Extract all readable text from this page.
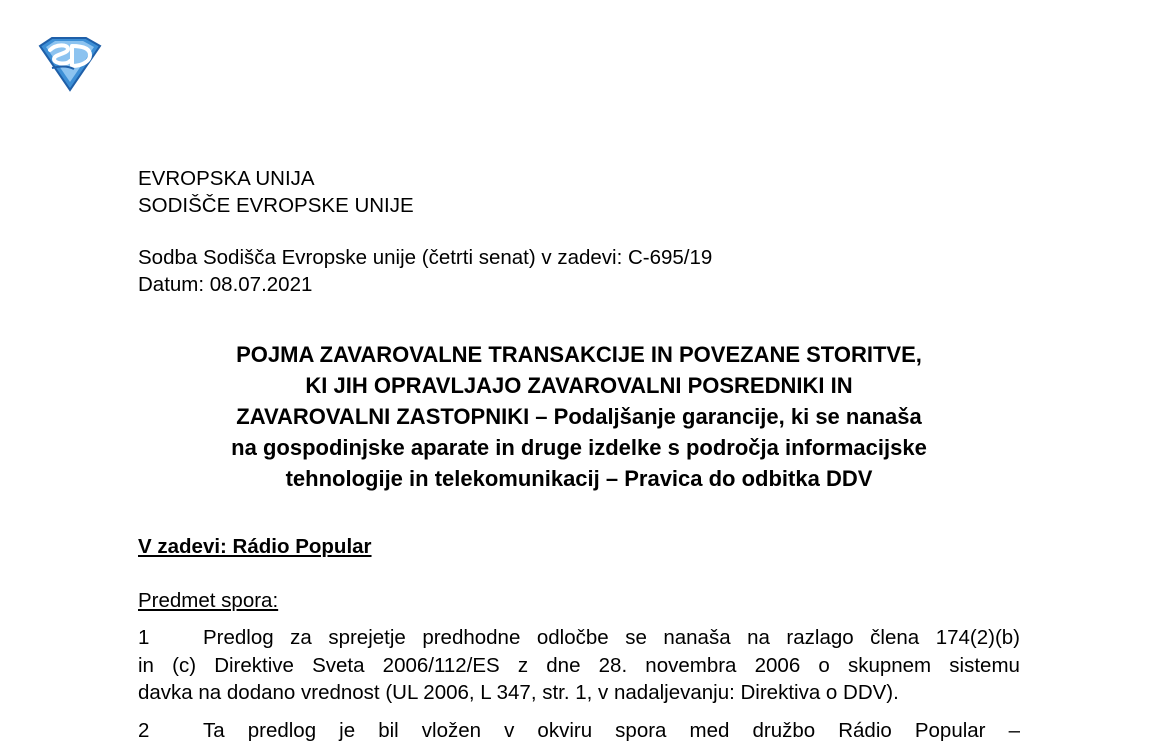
EVROPSKA UNIJA
SODIŠČE EVROPSKE UNIJE
Sodba Sodišča Evropske unije (četrti senat) v zadevi: C-695/19
Datum: 08.07.2021
POJMA ZAVAROVALNE TRANSAKCIJE IN POVEZANE STORITVE,
KI JIH OPRAVLJAJO ZAVAROVALNI POSREDNIKI IN
ZAVAROVALNI ZASTOPNIKI – Podaljšanje garancije, ki se nanaša
na gospodinjske aparate in druge izdelke s področja informacijske
tehnologije in telekomunikacij – Pravica do odbitka DDV
V zadevi: Rádio Popular
Predmet spora:
1	Predlog za sprejetje predhodne odločbe se nanaša na razlago člena 174(2)(b)
in (c) Direktive Sveta 2006/112/ES z dne 28. novembra 2006 o skupnem sistemu
davka na dodano vrednost (UL 2006, L 347, str. 1, v nadaljevanju: Direktiva o DDV).
2	Ta predlog je bil vložen v okviru spora med družbo Rádio Popular –
